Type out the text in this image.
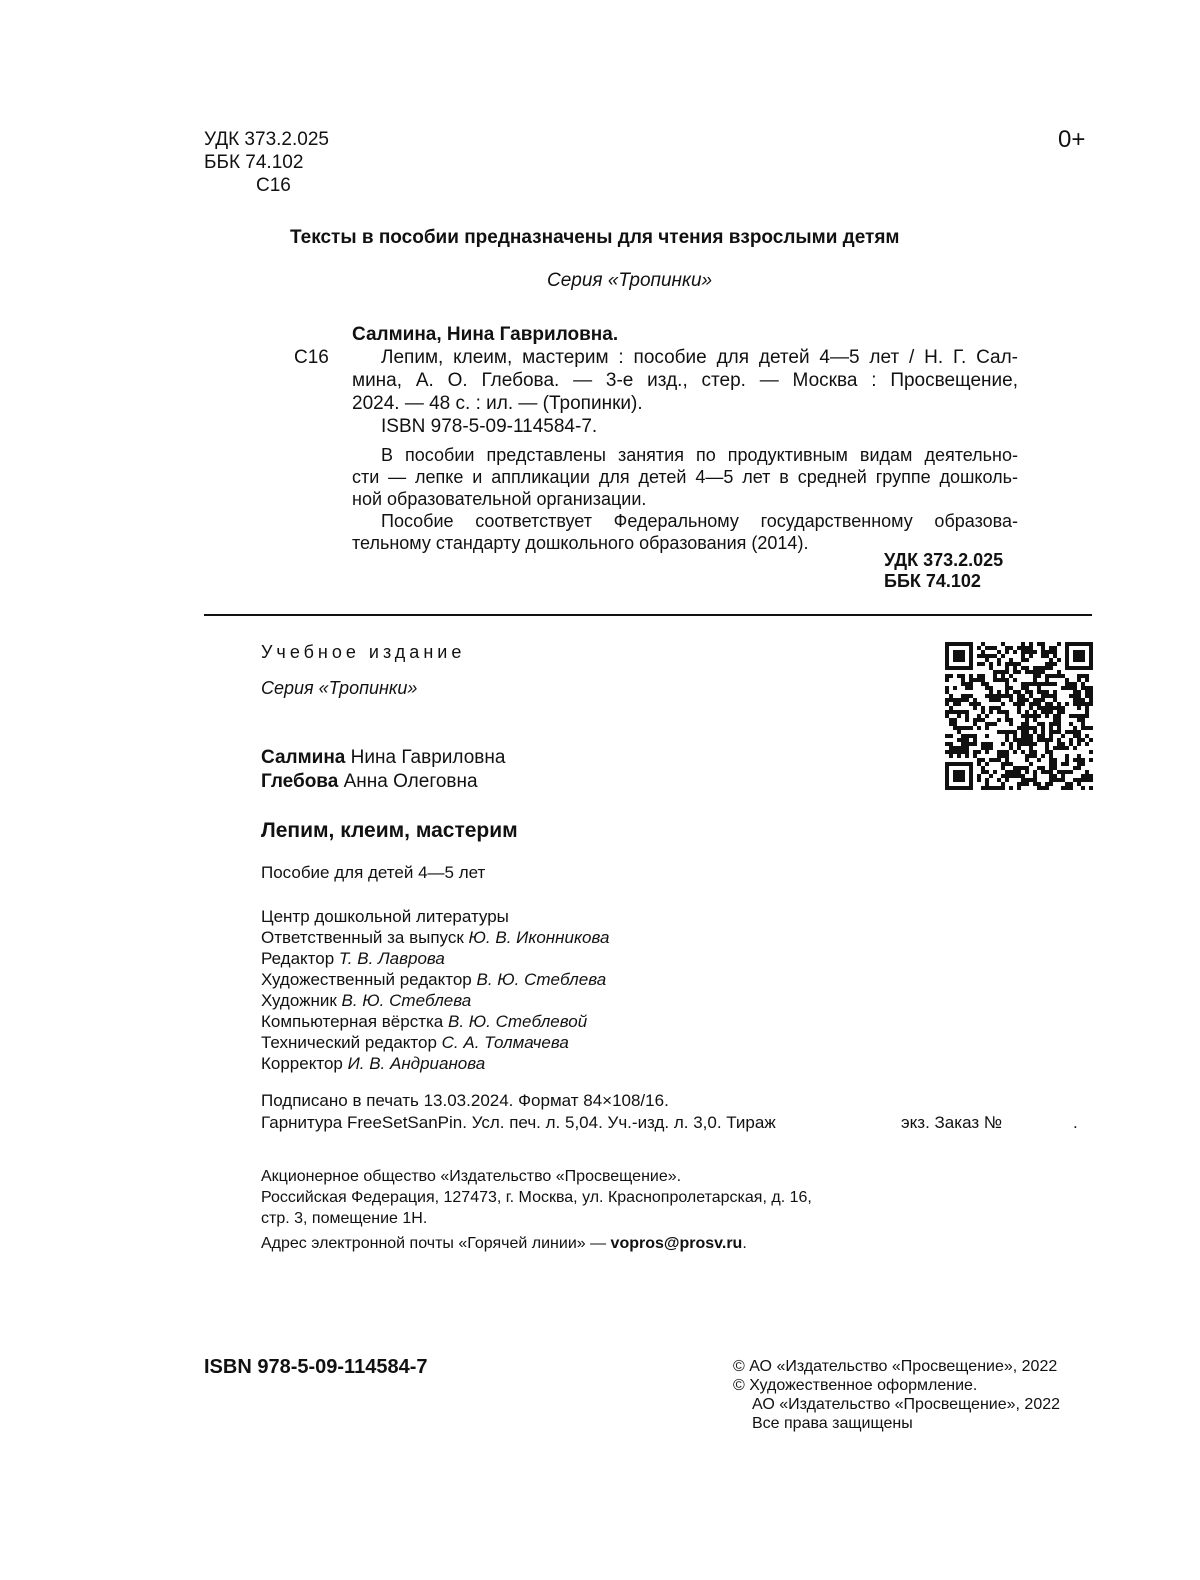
УДК 373.2.025

ББК 74.102

С16

0+

Тексты в пособии предназначены для чтения взрослыми детям

Серия «Тропинки»

С16

Салмина, Нина Гавриловна.

Лепим, клеим, мастерим : пособие для детей 4—5 лет / Н. Г. Сал-
мина, А. О. Глебова. — 3-е изд., стер. — Москва : Просвещение,
2024. — 48 с. : ил. — (Тропинки).
ISBN 978-5-09-114584-7.
В пособии представлены занятия по продуктивным видам деятельно-
сти — лепке и аппликации для детей 4—5 лет в средней группе дошколь-
ной образовательной организации.
Пособие соответствует Федеральному государственному образова-
тельному стандарту дошкольного образования (2014).

УДК 373.2.025

ББК 74.102

Учебное издание

Серия «Тропинки»

Салмина Нина Гавриловна

Глебова Анна Олеговна

Лепим, клеим, мастерим

Пособие для детей 4—5 лет

Центр дошкольной литературы
Ответственный за выпуск Ю. В. Иконникова
Редактор Т. В. Лаврова
Художественный редактор В. Ю. Стеблева
Художник В. Ю. Стеблева
Компьютерная вёрстка В. Ю. Стеблевой
Технический редактор С. А. Толмачева
Корректор И. В. Андрианова

Подписано в печать 13.03.2024. Формат 84×108/16.

Гарнитура FreeSetSanPin. Усл. печ. л. 5,04. Уч.-изд. л. 3,0. Тираж	экз. Заказ №	.

Акционерное общество «Издательство «Просвещение».
Российская Федерация, 127473, г. Москва, ул. Краснопролетарская, д. 16,
стр. 3, помещение 1Н.

Адрес электронной почты «Горячей линии» — vopros@prosv.ru.

ISBN 978-5-09-114584-7	© АО «Издательство «Просвещение», 2022
© Художественное оформление.
АО «Издательство «Просвещение», 2022
Все права защищены
